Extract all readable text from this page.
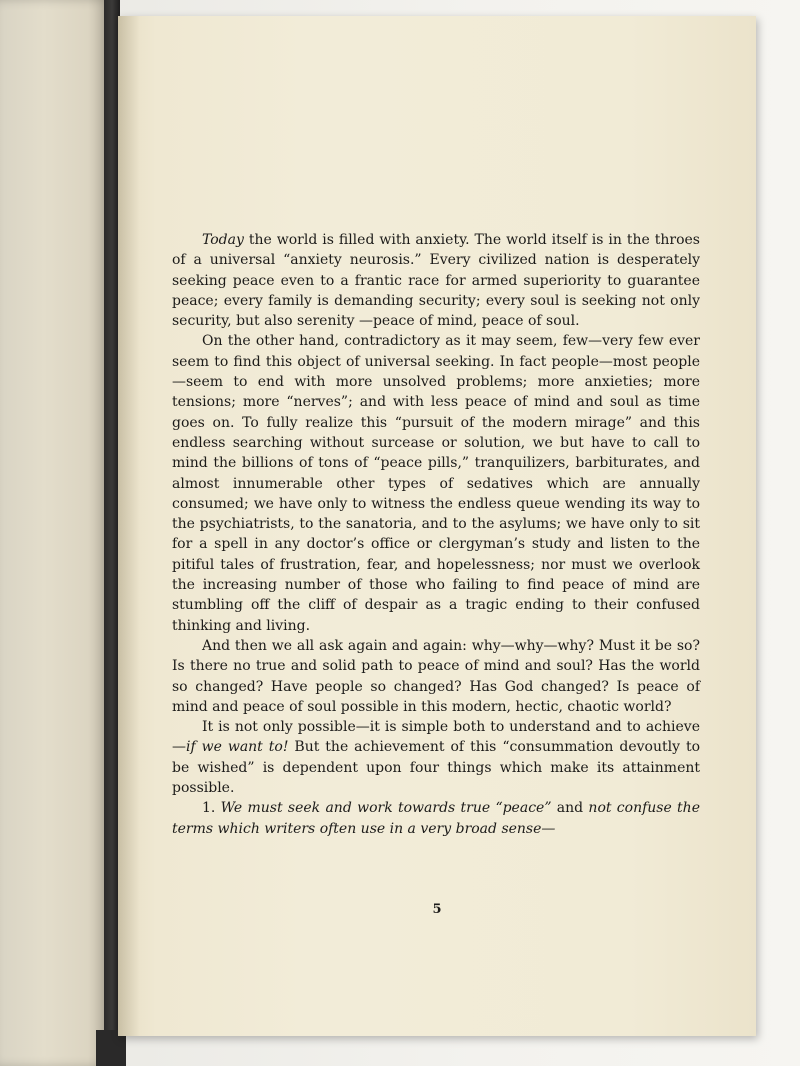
Today the world is filled with anxiety. The world itself is in the throes of a universal “anxiety neurosis.” Every civilized nation is desperately seeking peace even to a frantic race for armed superiority to guarantee peace; every family is demanding security; every soul is seeking not only security, but also serenity —peace of mind, peace of soul.

On the other hand, contradictory as it may seem, few—very few ever seem to find this object of universal seeking. In fact people—most people—seem to end with more unsolved problems; more anxieties; more tensions; more “nerves”; and with less peace of mind and soul as time goes on. To fully realize this “pursuit of the modern mirage” and this endless searching without surcease or solution, we but have to call to mind the billions of tons of “peace pills,” tranquilizers, barbiturates, and almost innumerable other types of sedatives which are annually consumed; we have only to witness the endless queue wending its way to the psychiatrists, to the sanatoria, and to the asylums; we have only to sit for a spell in any doctor’s office or clergyman’s study and listen to the pitiful tales of frustration, fear, and hopelessness; nor must we overlook the increasing number of those who failing to find peace of mind are stumbling off the cliff of despair as a tragic ending to their confused thinking and living.

And then we all ask again and again: why—why—why? Must it be so? Is there no true and solid path to peace of mind and soul? Has the world so changed? Have people so changed? Has God changed? Is peace of mind and peace of soul possible in this modern, hectic, chaotic world?

It is not only possible—it is simple both to understand and to achieve—if we want to! But the achievement of this “consummation devoutly to be wished” is dependent upon four things which make its attainment possible.

1. We must seek and work towards true “peace” and not confuse the terms which writers often use in a very broad sense—

5
